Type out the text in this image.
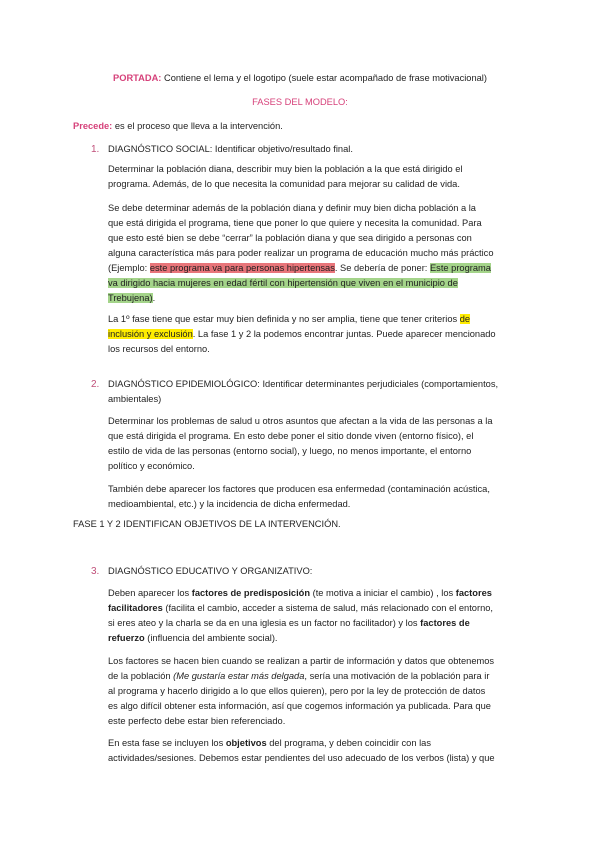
PORTADA: Contiene el lema y el logotipo (suele estar acompañado de frase motivacional)
FASES DEL MODELO:
Precede: es el proceso que lleva a la intervención.
1. DIAGNÓSTICO SOCIAL: Identificar objetivo/resultado final.
Determinar la población diana, describir muy bien la población a la que está dirigido el
programa. Además, de lo que necesita la comunidad para mejorar su calidad de vida.
Se debe determinar además de la población diana y definir muy bien dicha población a la
que está dirigida el programa, tiene que poner lo que quiere y necesita la comunidad. Para
que esto esté bien se debe “cerrar” la población diana y que sea dirigido a personas con
alguna característica más para poder realizar un programa de educación mucho más práctico
(Ejemplo: este programa va para personas hipertensas. Se debería de poner: Este programa
va dirigido hacia mujeres en edad fértil con hipertensión que viven en el municipio de
Trebujena).
La 1º fase tiene que estar muy bien definida y no ser amplia, tiene que tener criterios de
inclusión y exclusión. La fase 1 y 2 la podemos encontrar juntas. Puede aparecer mencionado
los recursos del entorno.
2. DIAGNÓSTICO EPIDEMIOLÓGICO: Identificar determinantes perjudiciales (comportamientos,
ambientales)
Determinar los problemas de salud u otros asuntos que afectan a la vida de las personas a la
que está dirigida el programa. En esto debe poner el sitio donde viven (entorno físico), el
estilo de vida de las personas (entorno social), y luego, no menos importante, el entorno
político y económico.
También debe aparecer los factores que producen esa enfermedad (contaminación acústica,
medioambiental, etc.) y la incidencia de dicha enfermedad.
FASE 1 Y 2 IDENTIFICAN OBJETIVOS DE LA INTERVENCIÓN.
3. DIAGNÓSTICO EDUCATIVO Y ORGANIZATIVO:
Deben aparecer los factores de predisposición (te motiva a iniciar el cambio) , los factores
facilitadores (facilita el cambio, acceder a sistema de salud, más relacionado con el entorno,
si eres ateo y la charla se da en una iglesia es un factor no facilitador) y los factores de
refuerzo (influencia del ambiente social).
Los factores se hacen bien cuando se realizan a partir de información y datos que obtenemos
de la población (Me gustaría estar más delgada, sería una motivación de la población para ir
al programa y hacerlo dirigido a lo que ellos quieren), pero por la ley de protección de datos
es algo difícil obtener esta información, así que cogemos información ya publicada. Para que
este perfecto debe estar bien referenciado.
En esta fase se incluyen los objetivos del programa, y deben coincidir con las
actividades/sesiones. Debemos estar pendientes del uso adecuado de los verbos (lista) y que
